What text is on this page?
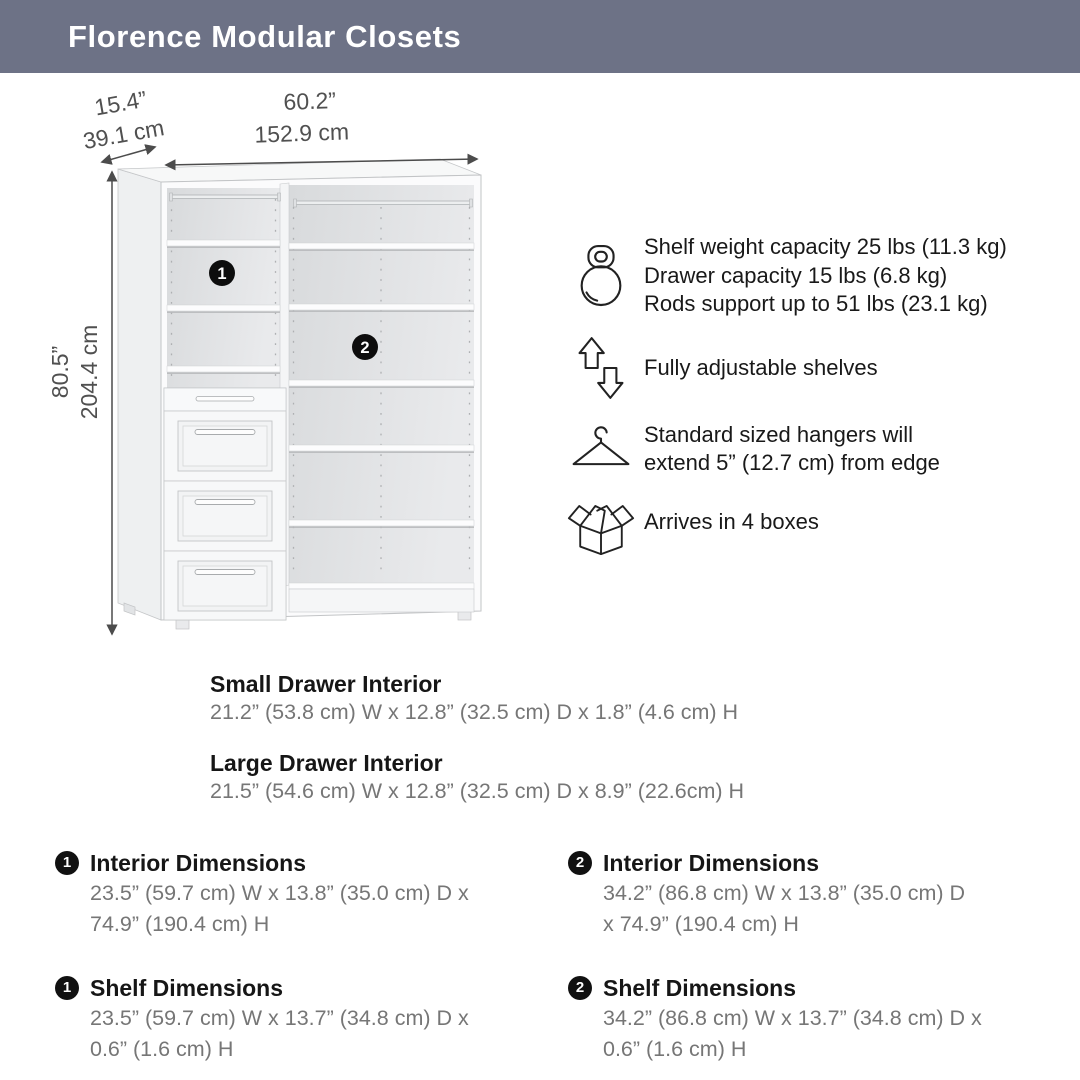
Florence Modular Closets
1
2
15.4”
39.1 cm
60.2”
152.9 cm
80.5” 204.4 cm
Shelf weight capacity 25 lbs (11.3 kg)
Drawer capacity 15 lbs (6.8 kg)
Rods support up to 51 lbs (23.1 kg)
Fully adjustable shelves
Standard sized hangers will
extend 5” (12.7 cm) from edge
Arrives in 4 boxes
Small Drawer Interior
21.2” (53.8 cm) W x 12.8” (32.5 cm) D x 1.8” (4.6 cm) H
Large Drawer Interior
21.5” (54.6 cm) W x 12.8” (32.5 cm) D x 8.9” (22.6cm) H
1 Interior Dimensions
23.5” (59.7 cm) W x 13.8” (35.0 cm) D x
74.9” (190.4 cm) H
2 Interior Dimensions
34.2” (86.8 cm) W x 13.8” (35.0 cm) D
x 74.9” (190.4 cm) H
1 Shelf Dimensions
23.5” (59.7 cm) W x 13.7” (34.8 cm) D x
0.6” (1.6 cm) H
2 Shelf Dimensions
34.2” (86.8 cm) W x 13.7” (34.8 cm) D x
0.6” (1.6 cm) H
